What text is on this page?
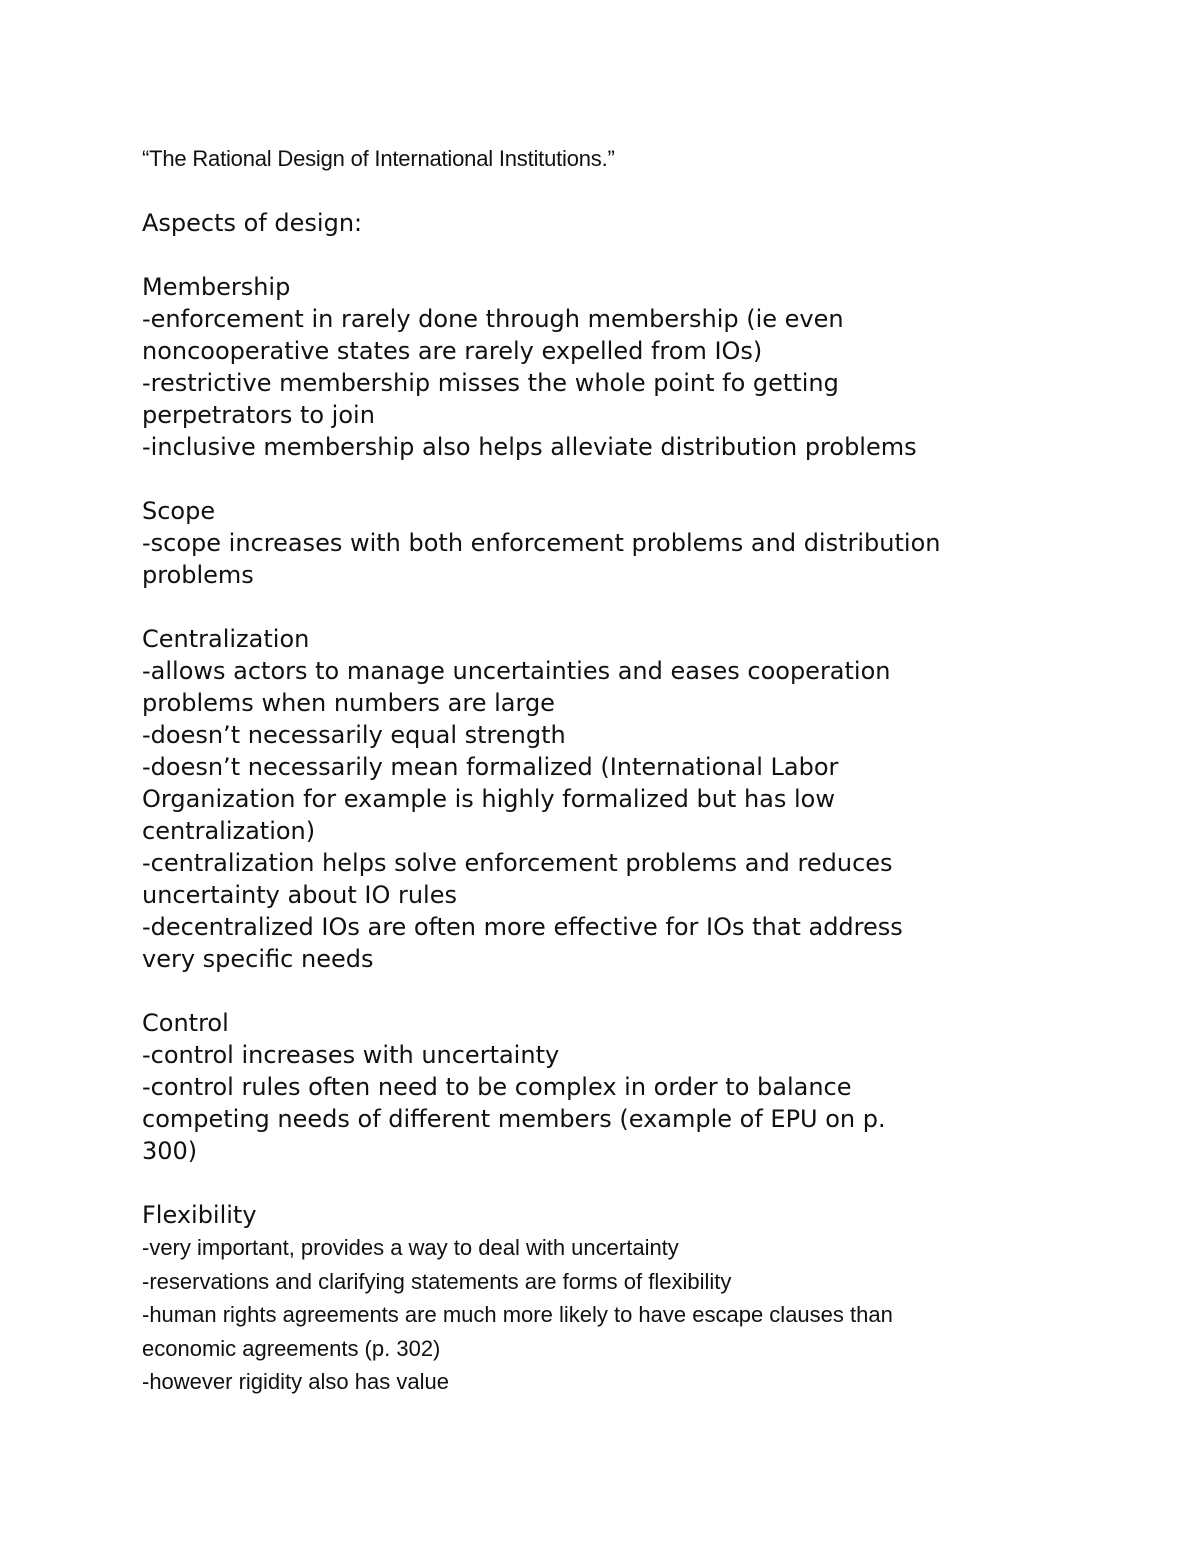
“The Rational Design of International Institutions.”
Aspects of design:
Membership
-enforcement in rarely done through membership (ie even
noncooperative states are rarely expelled from IOs)
-restrictive membership misses the whole point fo getting
perpetrators to join
-inclusive membership also helps alleviate distribution problems
Scope
-scope increases with both enforcement problems and distribution
problems
Centralization
-allows actors to manage uncertainties and eases cooperation
problems when numbers are large
-doesn’t necessarily equal strength
-doesn’t necessarily mean formalized (International Labor
Organization for example is highly formalized but has low
centralization)
-centralization helps solve enforcement problems and reduces
uncertainty about IO rules
-decentralized IOs are often more effective for IOs that address
very specific needs
Control
-control increases with uncertainty
-control rules often need to be complex in order to balance
competing needs of different members (example of EPU on p.
300)
Flexibility
-very important, provides a way to deal with uncertainty
-reservations and clarifying statements are forms of flexibility
-human rights agreements are much more likely to have escape clauses than
economic agreements (p. 302)
-however rigidity also has value
